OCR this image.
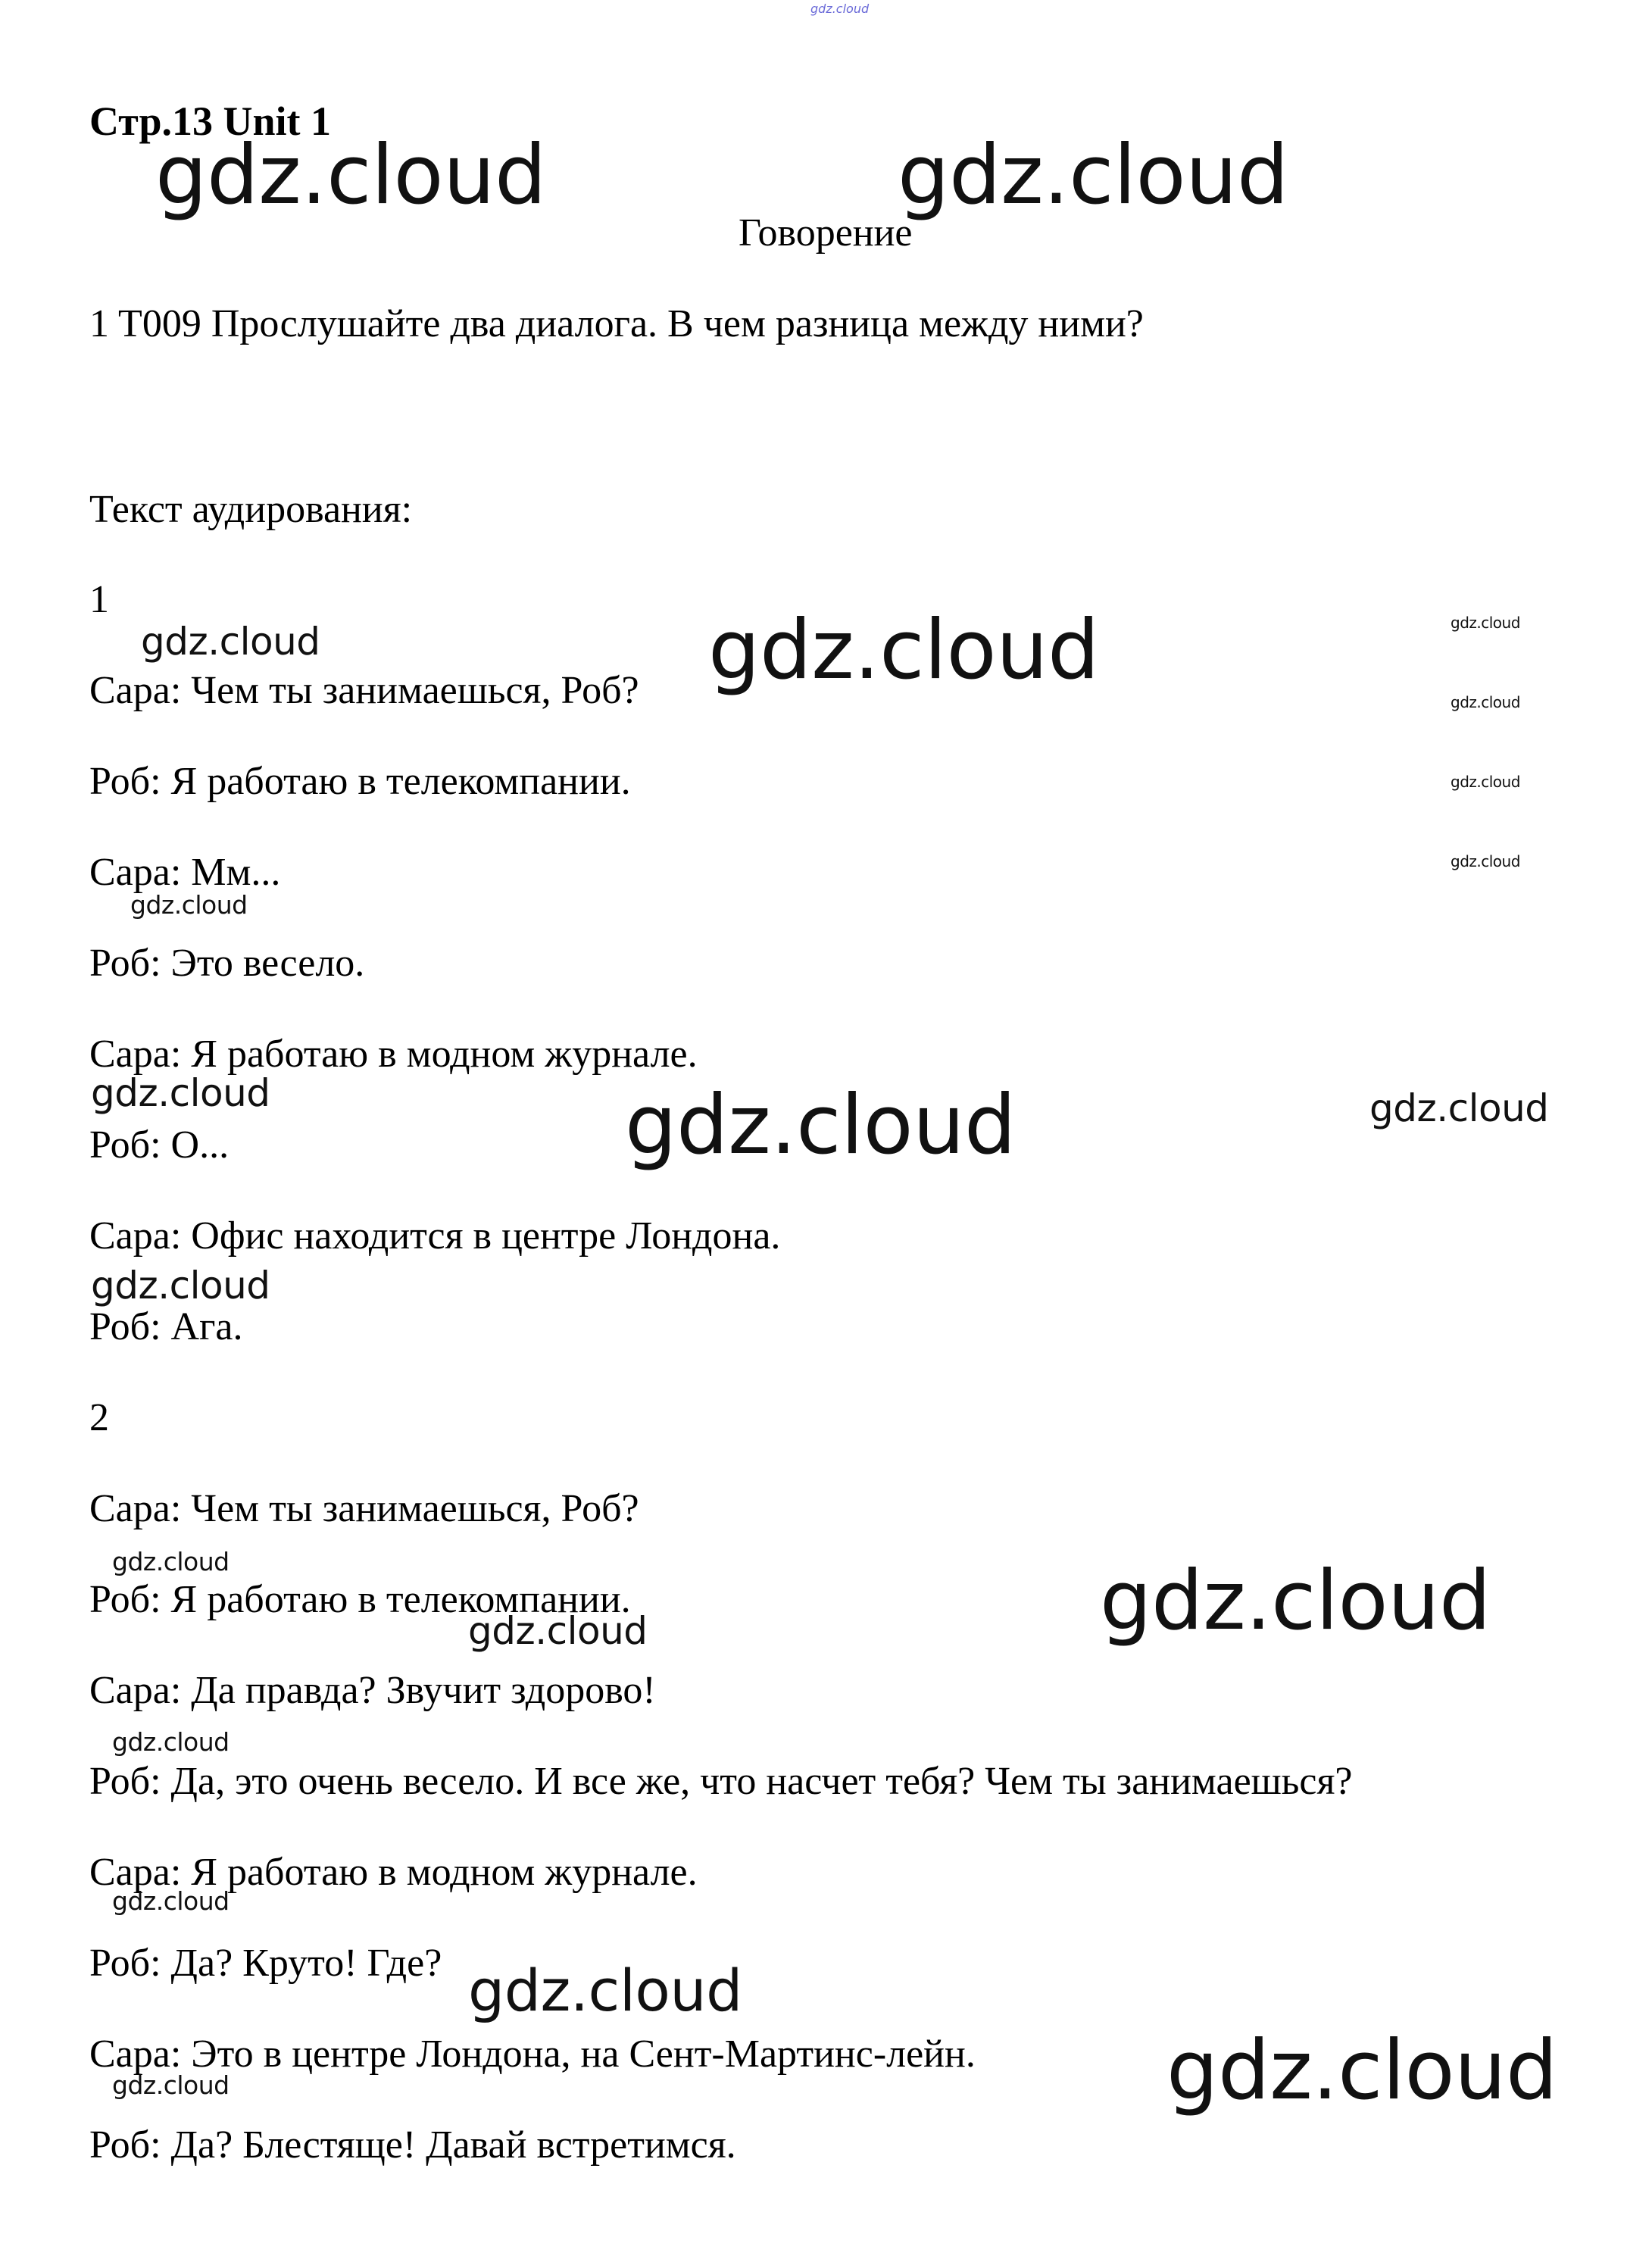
gdz.cloud
Стр.13 Unit 1
Говорение
1 T009 Прослушайте два диалога. В чем разница между ними?
Текст аудирования:
1
Сара: Чем ты занимаешься, Роб?
Роб: Я работаю в телекомпании.
Сара: Мм...
Роб: Это весело.
Сара: Я работаю в модном журнале.
Роб: О...
Сара: Офис находится в центре Лондона.
Роб: Ага.
2
Сара: Чем ты занимаешься, Роб?
Роб: Я работаю в телекомпании.
Сара: Да правда? Звучит здорово!
Роб: Да, это очень весело. И все же, что насчет тебя? Чем ты занимаешься?
Сара: Я работаю в модном журнале.
Роб: Да? Круто! Где?
Сара: Это в центре Лондона, на Сент-Мартинс-лейн.
Роб: Да? Блестяще! Давай встретимся.
gdz.cloud	gdz.cloud
gdz.cloud	gdz.cloud	gdz.cloud
gdz.cloud
gdz.cloud
gdz.cloud
gdz.cloud
gdz.cloud	gdz.cloud	gdz.cloud
gdz.cloud
gdz.cloud	gdz.cloud
gdz.cloud
gdz.cloud
gdz.cloud
gdz.cloud
gdz.cloud
gdz.cloud
